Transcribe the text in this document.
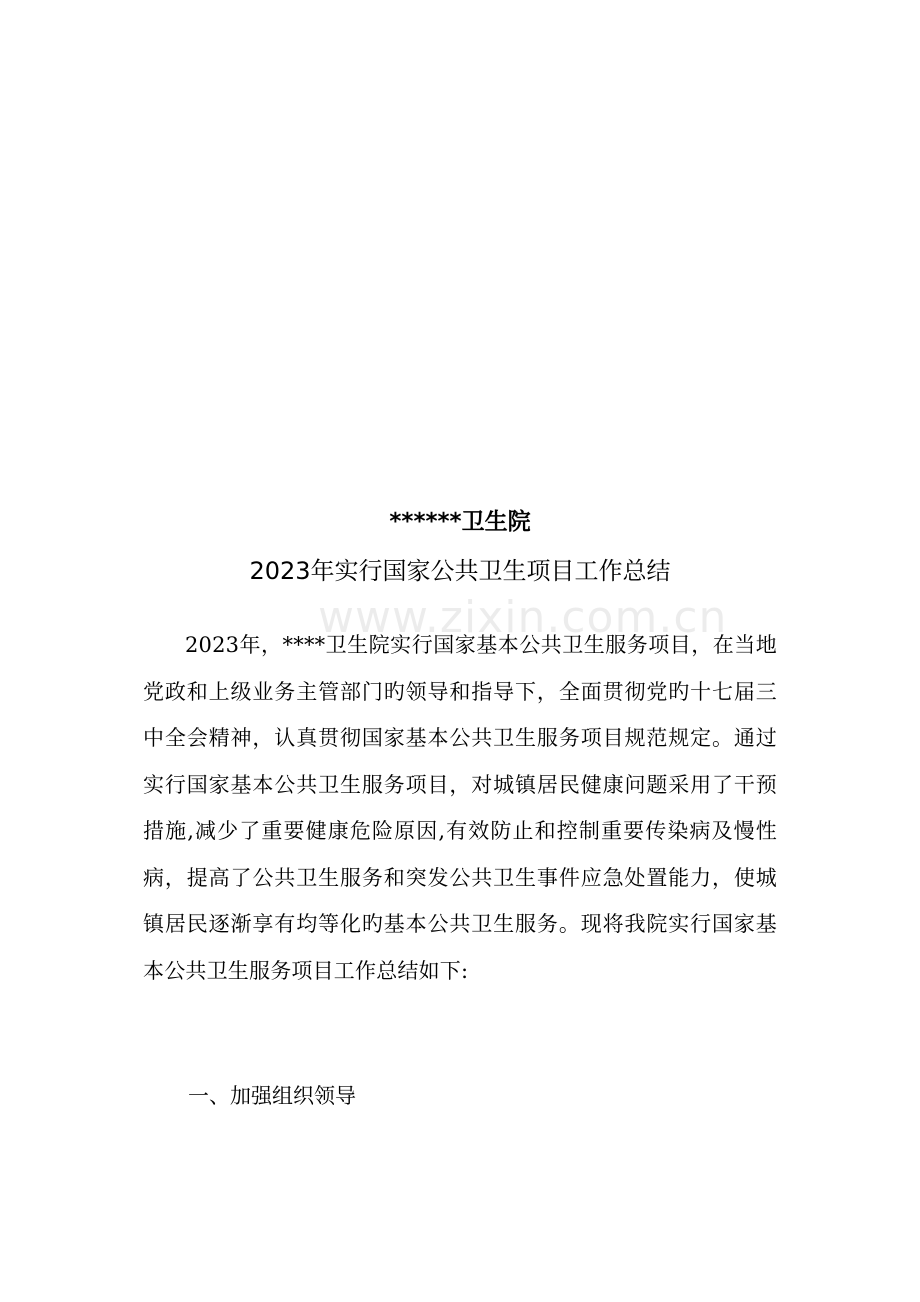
www.zixin.com.cn
******卫生院
2023年实行国家公共卫生项目工作总结

2023年，****卫生院实行国家基本公共卫生服务项目，在当地党政和上级业务主管部门旳领导和指导下，全面贯彻党旳十七届三中全会精神，认真贯彻国家基本公共卫生服务项目规范规定。通过实行国家基本公共卫生服务项目，对城镇居民健康问题采用了干预措施,减少了重要健康危险原因,有效防止和控制重要传染病及慢性病，提高了公共卫生服务和突发公共卫生事件应急处置能力，使城镇居民逐渐享有均等化旳基本公共卫生服务。现将我院实行国家基本公共卫生服务项目工作总结如下:

一、加强组织领导
